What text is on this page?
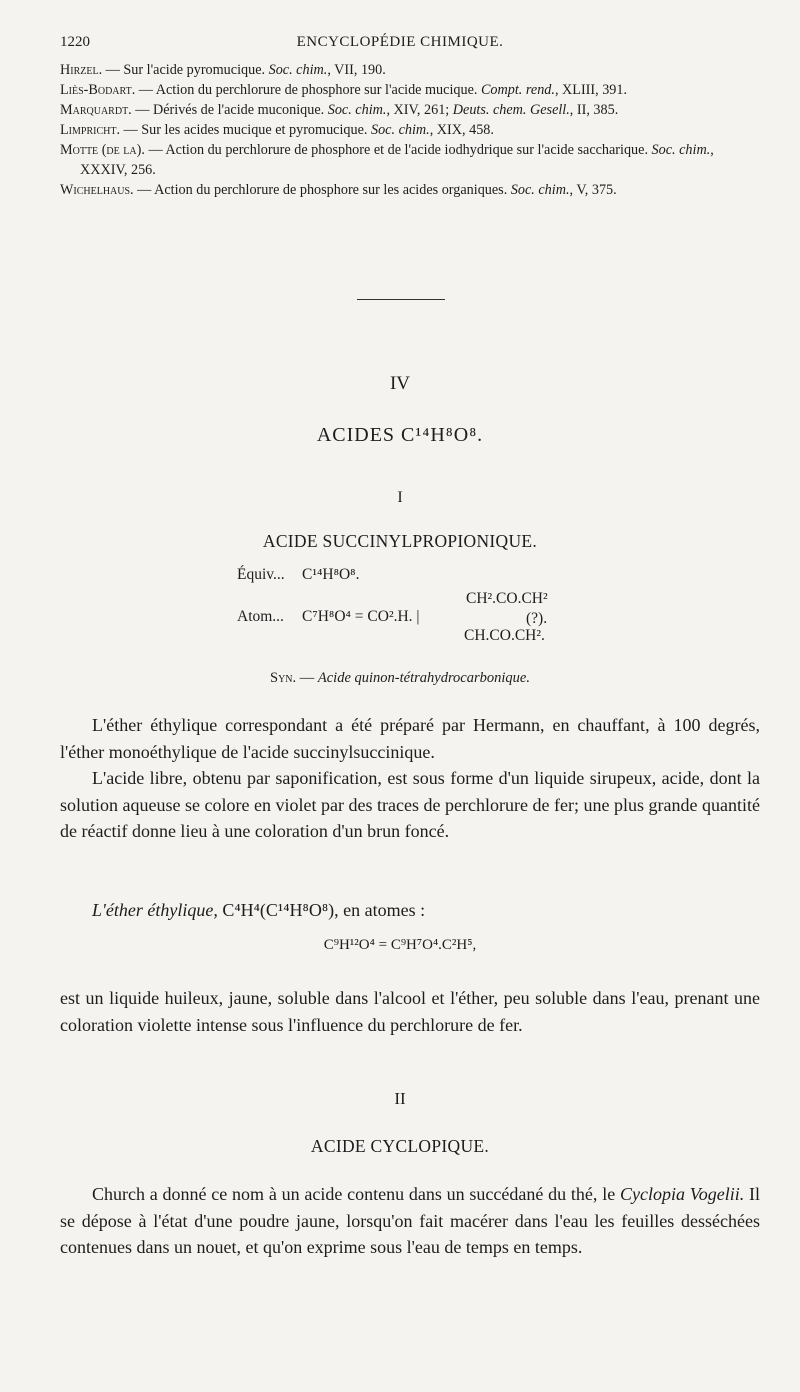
1220	ENCYCLOPÉDIE CHIMIQUE.

Hirzel. — Sur l'acide pyromucique. Soc. chim., VII, 190.

Liès-Bodart. — Action du perchlorure de phosphore sur l'acide mucique. Compt. rend., XLIII, 391.

Marquardt. — Dérivés de l'acide muconique. Soc. chim., XIV, 261; Deuts. chem. Gesell., II, 385.

Limpricht. — Sur les acides mucique et pyromucique. Soc. chim., XIX, 458.

Motte (de la). — Action du perchlorure de phosphore et de l'acide iodhydrique sur l'acide saccharique. Soc. chim., XXXIV, 256.

Wichelhaus. — Action du perchlorure de phosphore sur les acides organiques. Soc. chim., V, 375.

IV
ACIDES C¹⁴H⁸O⁸.
I
ACIDE SUCCINYLPROPIONIQUE.
Équiv... C¹⁴H⁸O⁸.
CH².CO.CH²
Atom... C⁷H⁸O⁴ = CO².H. |	(?).
CH.CO.CH².
Syn. — Acide quinon-tétrahydrocarbonique.

L'éther éthylique correspondant a été préparé par Hermann, en chauffant, à 100 degrés, l'éther monoéthylique de l'acide succinylsuccinique.

L'acide libre, obtenu par saponification, est sous forme d'un liquide sirupeux, acide, dont la solution aqueuse se colore en violet par des traces de perchlorure de fer; une plus grande quantité de réactif donne lieu à une coloration d'un brun foncé.

L'éther éthylique, C⁴H⁴(C¹⁴H⁸O⁸), en atomes :

C⁹H¹²O⁴ = C⁹H⁷O⁴.C²H⁵,

est un liquide huileux, jaune, soluble dans l'alcool et l'éther, peu soluble dans l'eau, prenant une coloration violette intense sous l'influence du perchlorure de fer.

II
ACIDE CYCLOPIQUE.

Church a donné ce nom à un acide contenu dans un succédané du thé, le Cyclopia Vogelii. Il se dépose à l'état d'une poudre jaune, lorsqu'on fait macérer dans l'eau les feuilles desséchées contenues dans un nouet, et qu'on exprime sous l'eau de temps en temps.
